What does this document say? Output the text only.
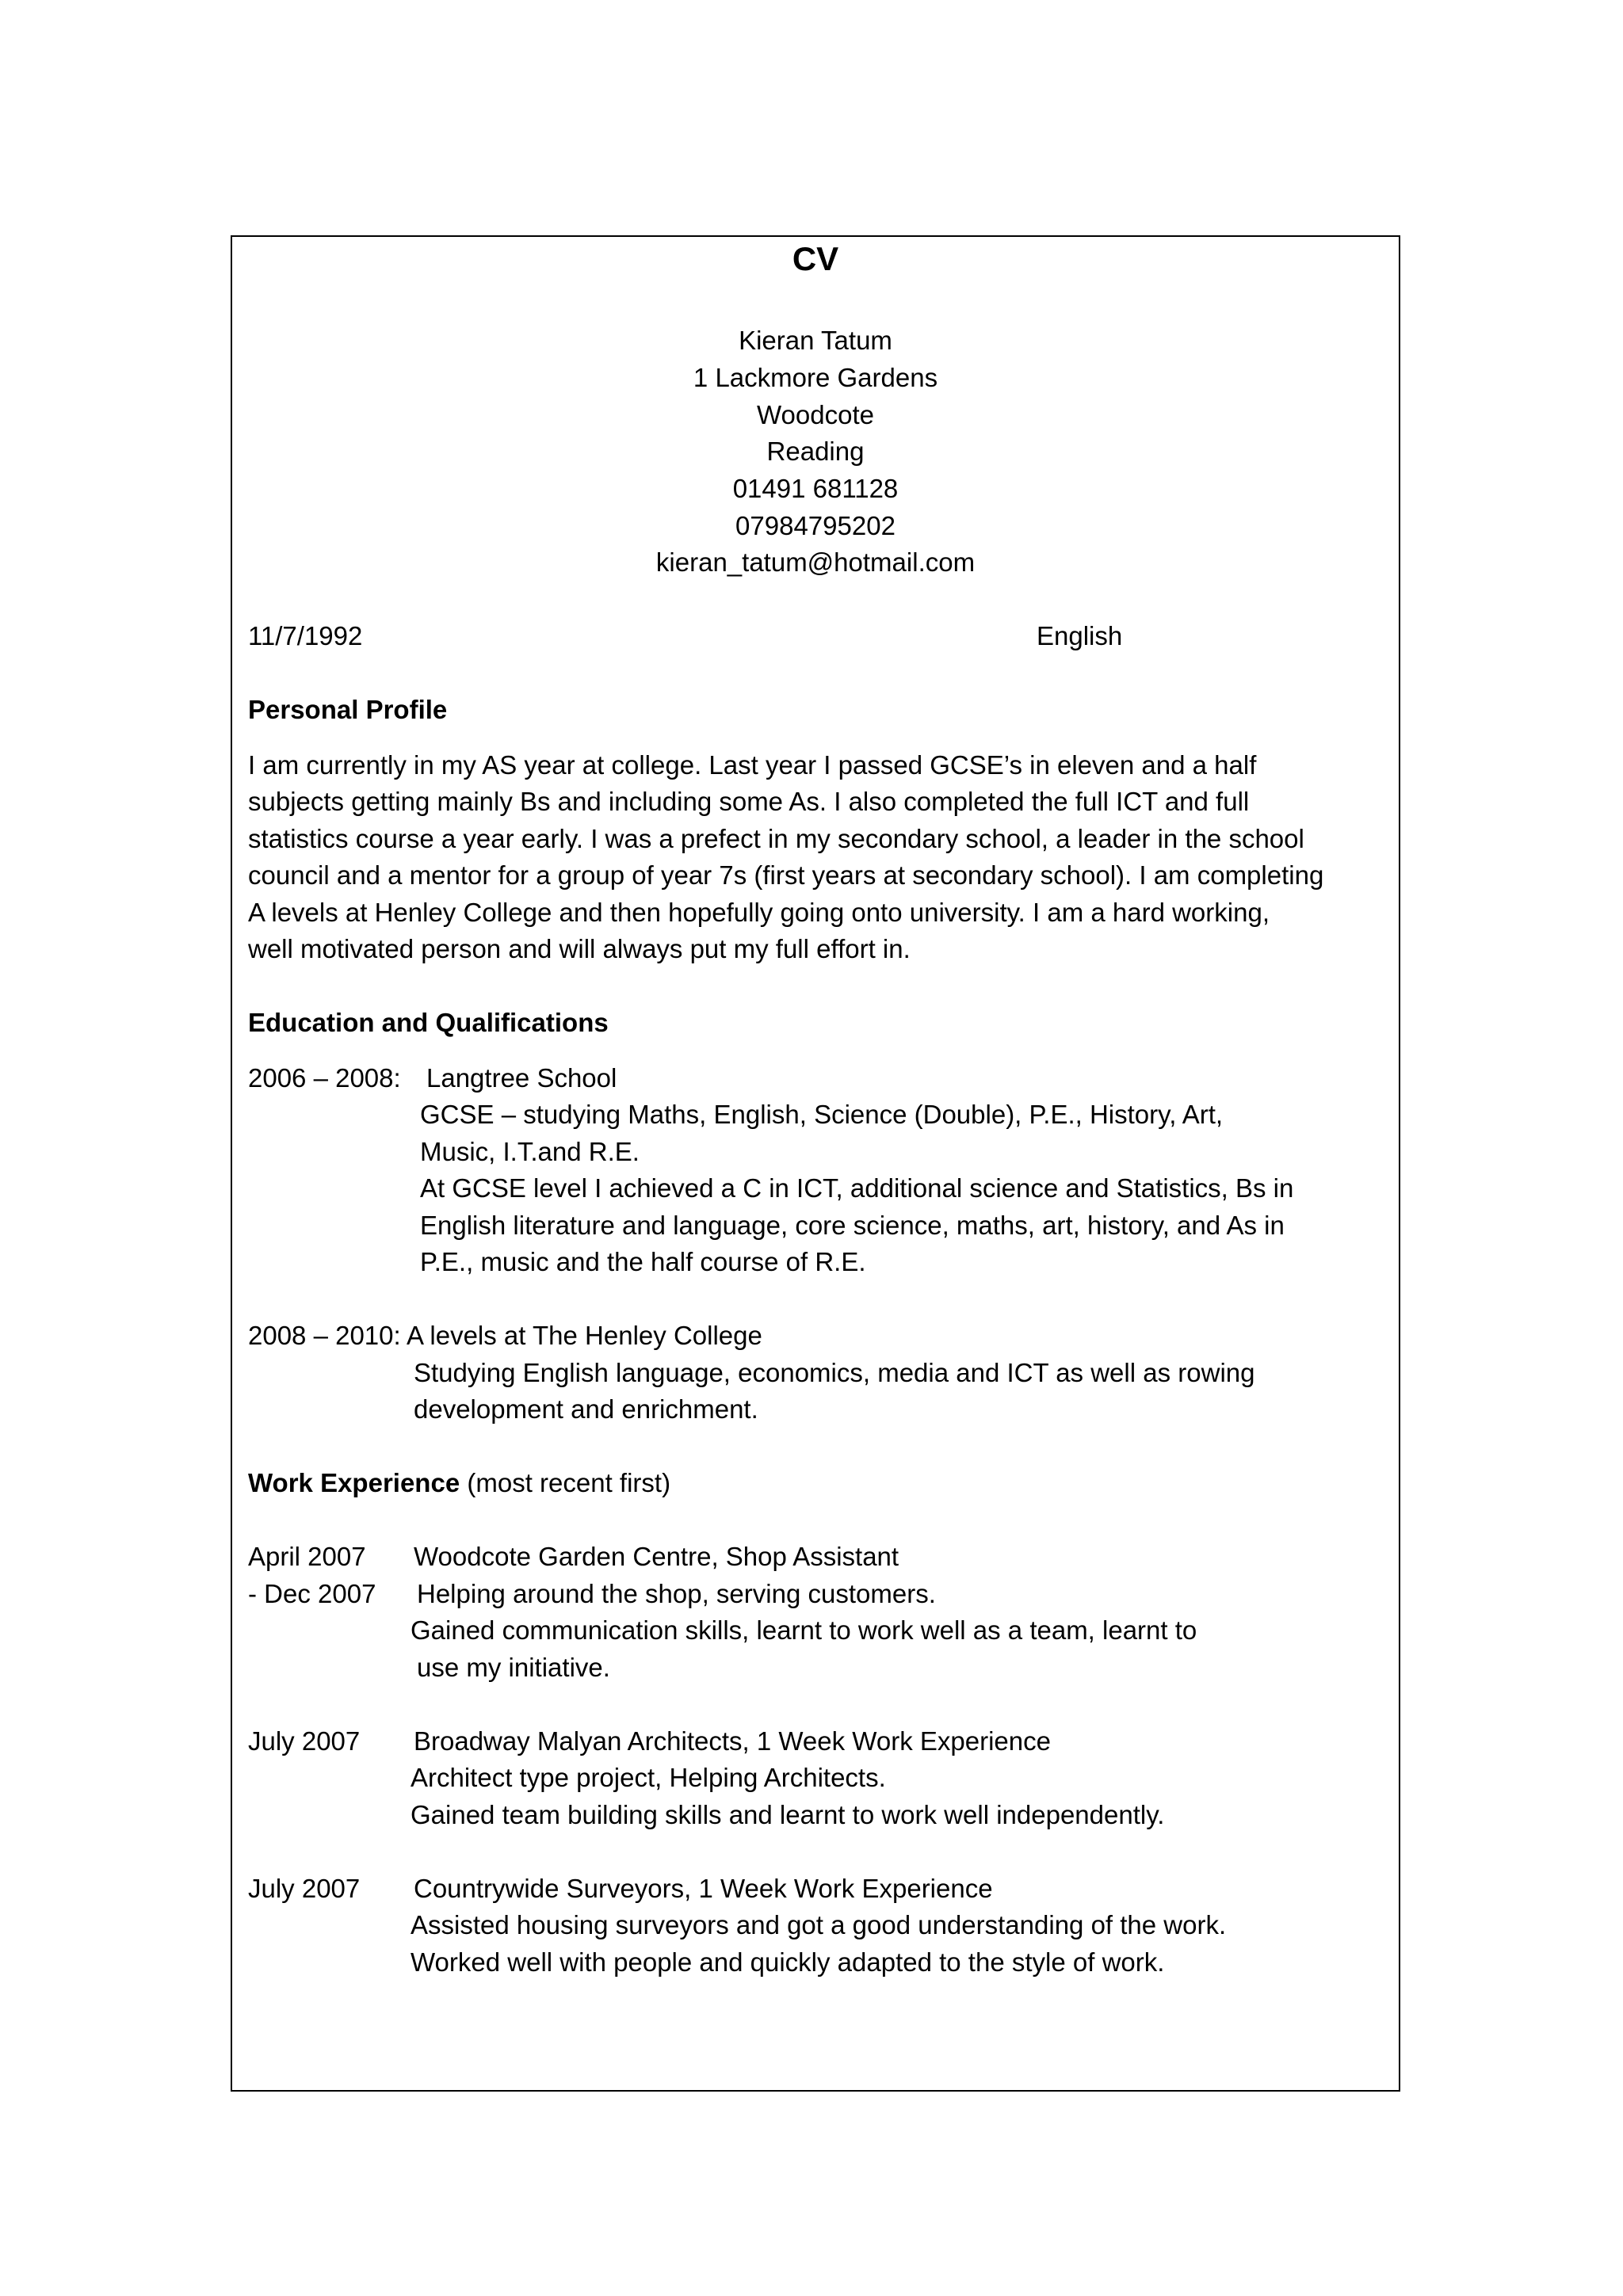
CV
Kieran Tatum
1 Lackmore Gardens
Woodcote
Reading
01491 681128
07984795202
kieran_tatum@hotmail.com
11/7/1992	English
Personal Profile
I am currently in my AS year at college. Last year I passed GCSE’s in eleven and a half
subjects getting mainly Bs and including some As. I also completed the full ICT and full
statistics course a year early. I was a prefect in my secondary school, a leader in the school
council and a mentor for a group of year 7s (first years at secondary school). I am completing
A levels at Henley College and then hopefully going onto university. I am a hard working,
well motivated person and will always put my full effort in.
Education and Qualifications
2006 – 2008: Langtree School
GCSE – studying Maths, English, Science (Double), P.E., History, Art,
Music, I.T.and R.E.
At GCSE level I achieved a C in ICT, additional science and Statistics, Bs in
English literature and language, core science, maths, art, history, and As in
P.E., music and the half course of R.E.
2008 – 2010: A levels at The Henley College
Studying English language, economics, media and ICT as well as rowing
development and enrichment.
Work Experience (most recent first)
April 2007
- Dec 2007
Woodcote Garden Centre, Shop Assistant
Helping around the shop, serving customers.
Gained communication skills, learnt to work well as a team, learnt to
use my initiative.
July 2007 Broadway Malyan Architects, 1 Week Work Experience
Architect type project, Helping Architects.
Gained team building skills and learnt to work well independently.
July 2007 Countrywide Surveyors, 1 Week Work Experience
Assisted housing surveyors and got a good understanding of the work.
Worked well with people and quickly adapted to the style of work.
